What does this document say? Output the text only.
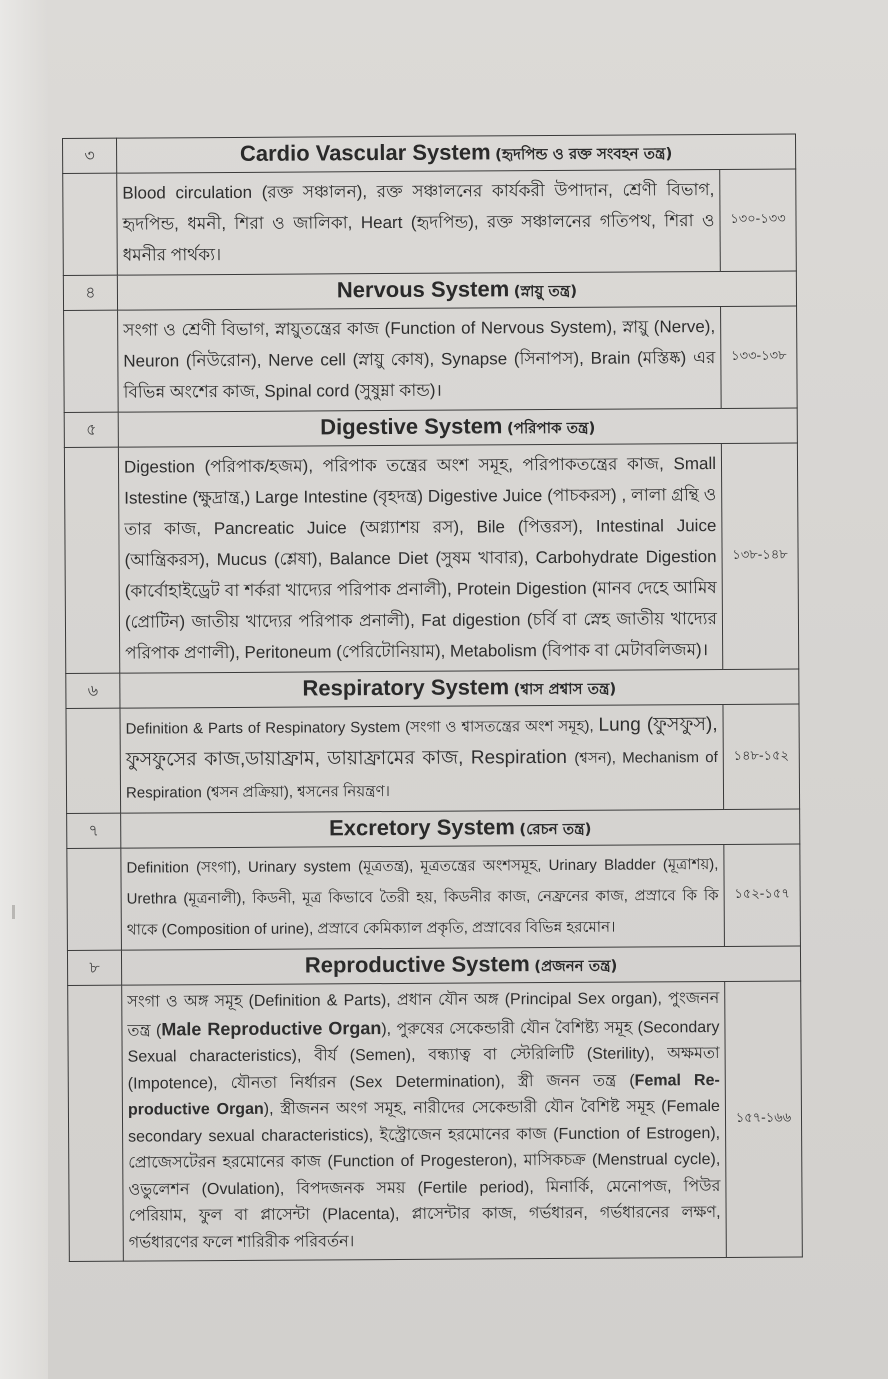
৩	Cardio Vascular System (হৃদপিন্ড ও রক্ত সংবহন তন্ত্র)	
	Blood circulation (রক্ত সঞ্চালন), রক্ত সঞ্চালনের কার্যকরী উপাদান, শ্রেণী বিভাগ, হৃদপিন্ড, ধমনী, শিরা ও জালিকা, Heart (হৃদপিন্ড), রক্ত সঞ্চালনের গতিপথ, শিরা ও ধমনীর পার্থক্য।	১৩০-১৩৩
৪	Nervous System (স্নায়ু তন্ত্র)	
	সংগা ও শ্রেণী বিভাগ, স্নায়ুতন্ত্রের কাজ (Function of Nervous System), স্নায়ু (Nerve), Neuron (নিউরোন), Nerve cell (স্নায়ু কোষ), Synapse (সিনাপস), Brain (মস্তিষ্ক) এর বিভিন্ন অংশের কাজ, Spinal cord (সুষুম্না কান্ড)।	১৩৩-১৩৮
৫	Digestive System (পরিপাক তন্ত্র)	
	Digestion (পরিপাক/হজম), পরিপাক তন্ত্রের অংশ সমূহ, পরিপাকতন্ত্রের কাজ, Small Istestine (ক্ষুদ্রান্ত্র,) Large Intestine (বৃহদন্ত্র) Digestive Juice (পাচকরস) , লালা গ্রন্থি ও তার কাজ, Pancreatic Juice (অগ্ন্যাশয় রস), Bile (পিত্তরস), Intestinal Juice (আন্ত্রিকরস), Mucus (শ্লেষা), Balance Diet (সুষম খাবার), Carbohydrate Digestion (কার্বোহাইড্রেট বা শর্করা খাদ্যের পরিপাক প্রনালী), Protein Digestion (মানব দেহে আমিষ (প্রোটিন) জাতীয় খাদ্যের পরিপাক প্রনালী), Fat digestion (চর্বি বা স্নেহ জাতীয় খাদ্যের পরিপাক প্রণালী), Peritoneum (পেরিটোনিয়াম), Metabolism (বিপাক বা মেটাবলিজম)।	১৩৮-১৪৮
৬	Respiratory System (শ্বাস প্রশ্বাস তন্ত্র)	
	Definition & Parts of Respinatory System (সংগা ও শ্বাসতন্ত্রের অংশ সমূহ), Lung (ফুসফুস), ফুসফুসের কাজ,ডায়াফ্রাম, ডায়াফ্রামের কাজ, Respiration (শ্বসন), Mechanism of Respiration (শ্বসন প্রক্রিয়া), শ্বসনের নিয়ন্ত্রণ।	১৪৮-১৫২
৭	Excretory System (রেচন তন্ত্র)	
	Definition (সংগা), Urinary system (মূত্রতন্ত্র), মূত্রতন্ত্রের অংশসমূহ, Urinary Bladder (মূত্রাশয়), Urethra (মূত্রনালী), কিডনী, মূত্র কিভাবে তৈরী হয়, কিডনীর কাজ, নেফ্রনের কাজ, প্রস্রাবে কি কি থাকে (Composition of urine), প্রস্রাবে কেমিক্যাল প্রকৃতি, প্রস্রাবের বিভিন্ন হরমোন।	১৫২-১৫৭
৮	Reproductive System (প্রজনন তন্ত্র)	
	সংগা ও অঙ্গ সমূহ (Definition & Parts), প্রধান যৌন অঙ্গ (Principal Sex organ), পুংজনন তন্ত্র (Male Reproductive Organ), পুরুষের সেকেন্ডারী যৌন বৈশিষ্ট্য সমূহ (Secondary Sexual characteristics), বীর্য (Semen), বন্ধ্যাত্ব বা স্টেরিলিটি (Sterility), অক্ষমতা (Impotence), যৌনতা নির্ধারন (Sex Determination), স্ত্রী জনন তন্ত্র (Femal Re-productive Organ), স্ত্রীজনন অংগ সমূহ, নারীদের সেকেন্ডারী যৌন বৈশিষ্ট সমূহ (Female secondary sexual characteristics), ইস্ট্রোজেন হরমোনের কাজ (Function of Estrogen), প্রোজেসটেরন হরমোনের কাজ (Function of Progesteron), মাসিকচক্র (Menstrual cycle), ওভুলেশন (Ovulation), বিপদজনক সময় (Fertile period), মিনার্কি, মেনোপজ, পিউর পেরিয়াম, ফুল বা প্লাসেন্টা (Placenta), প্লাসেন্টার কাজ, গর্ভধারন, গর্ভধারনের লক্ষণ, গর্ভধারণের ফলে শারিরীক পরিবর্তন।	১৫৭-১৬৬
